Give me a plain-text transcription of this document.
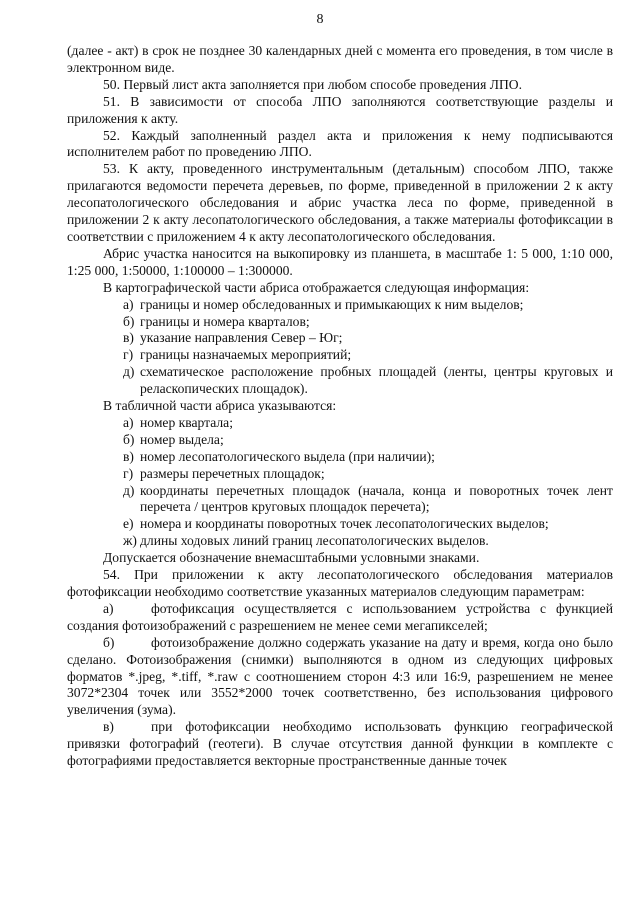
8

(далее - акт) в срок не позднее 30 календарных дней с момента его проведения, в том числе в электронном виде.

50. Первый лист акта заполняется при любом способе проведения ЛПО.

51. В зависимости от способа ЛПО заполняются соответствующие разделы и приложения к акту.

52. Каждый заполненный раздел акта и приложения к нему подписываются исполнителем работ по проведению ЛПО.

53. К акту, проведенного инструментальным (детальным) способом ЛПО, также прилагаются ведомости перечета деревьев, по форме, приведенной в приложении 2 к акту лесопатологического обследования и абрис участка леса по форме, приведенной в приложении 2 к акту лесопатологического обследования, а также материалы фотофиксации в соответствии с приложением 4 к акту лесопатологического обследования.

Абрис участка наносится на выкопировку из планшета, в масштабе 1: 5 000, 1:10 000, 1:25 000, 1:50000, 1:100000 – 1:300000.

В картографической части абриса отображается следующая информация:

а) границы и номер обследованных и примыкающих к ним выделов;
б) границы и номера кварталов;
в) указание направления Север – Юг;
г) границы назначаемых мероприятий;
д) схематическое расположение пробных площадей (ленты, центры круговых и реласкопических площадок).

В табличной части абриса указываются:

а) номер квартала;
б) номер выдела;
в) номер лесопатологического выдела (при наличии);
г) размеры перечетных площадок;
д) координаты перечетных площадок (начала, конца и поворотных точек лент перечета / центров круговых площадок перечета);
е) номера и координаты поворотных точек лесопатологических выделов;
ж) длины ходовых линий границ лесопатологических выделов.

Допускается обозначение внемасштабными условными знаками.

54. При приложении к акту лесопатологического обследования материалов фотофиксации необходимо соответствие указанных материалов следующим параметрам:

а)	фотофиксация осуществляется с использованием устройства с функцией создания фотоизображений с разрешением не менее семи мегапикселей;

б)	фотоизображение должно содержать указание на дату и время, когда оно было сделано. Фотоизображения (снимки) выполняются в одном из следующих цифровых форматов *.jpeg, *.tiff, *.raw с соотношением сторон 4:3 или 16:9, разрешением не менее 3072*2304 точек или 3552*2000 точек соответственно, без использования цифрового увеличения (зума).

в)	при фотофиксации необходимо использовать функцию географической привязки фотографий (геотеги). В случае отсутствия данной функции в комплекте с фотографиями предоставляется векторные пространственные данные точек
